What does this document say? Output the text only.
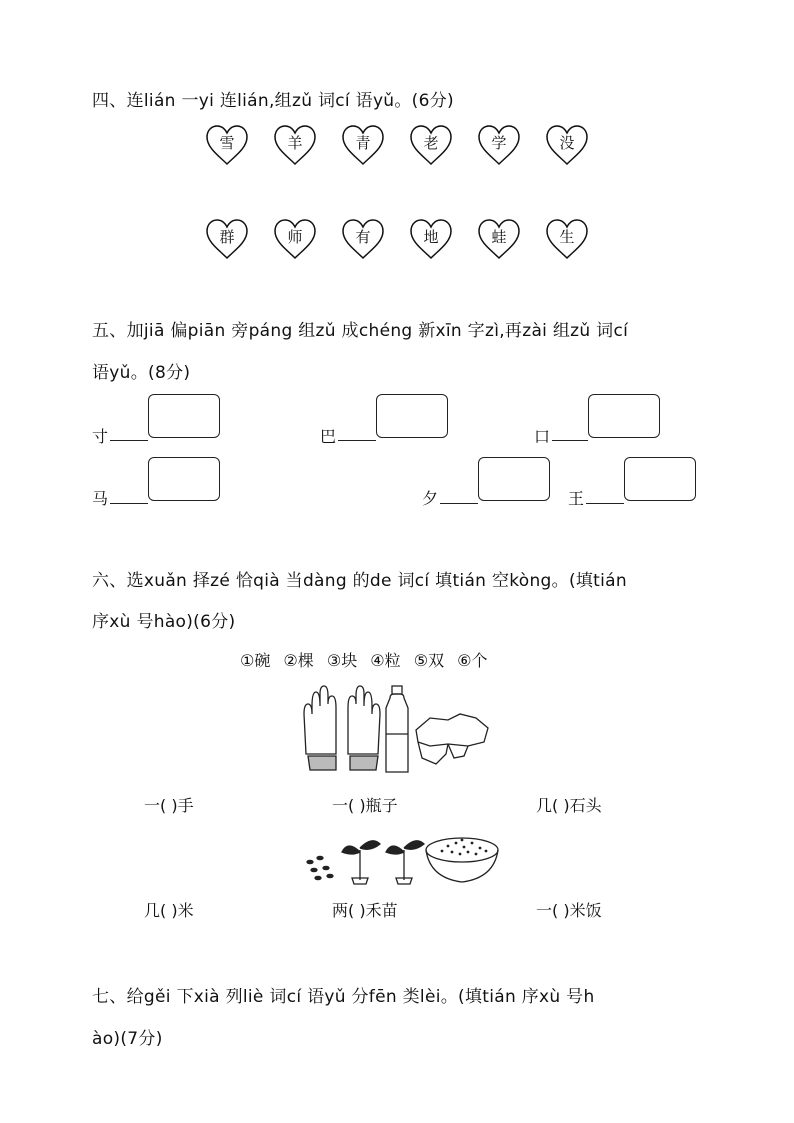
四、连lián 一yi 连lián,组zǔ 词cí 语yǔ。(6分)
雪	羊	青	老	学	没
群	师	有	地	蛙	生
五、加jiā 偏piān 旁páng 组zǔ 成chéng 新xīn 字zì,再zài 组zǔ 词cí
语yǔ。(8分)
寸	巴	口
马	夕	王
六、选xuǎn 择zé 恰qià 当dàng 的de 词cí 填tián 空kòng。(填tián
序xù 号hào)(6分)
①碗 ②棵 ③块 ④粒 ⑤双 ⑥个
一( )手	一( )瓶子	几( )石头
几( )米	两( )禾苗	一( )米饭
七、给gěi 下xià 列liè 词cí 语yǔ 分fēn 类lèi。(填tián 序xù 号h
ào)(7分)
